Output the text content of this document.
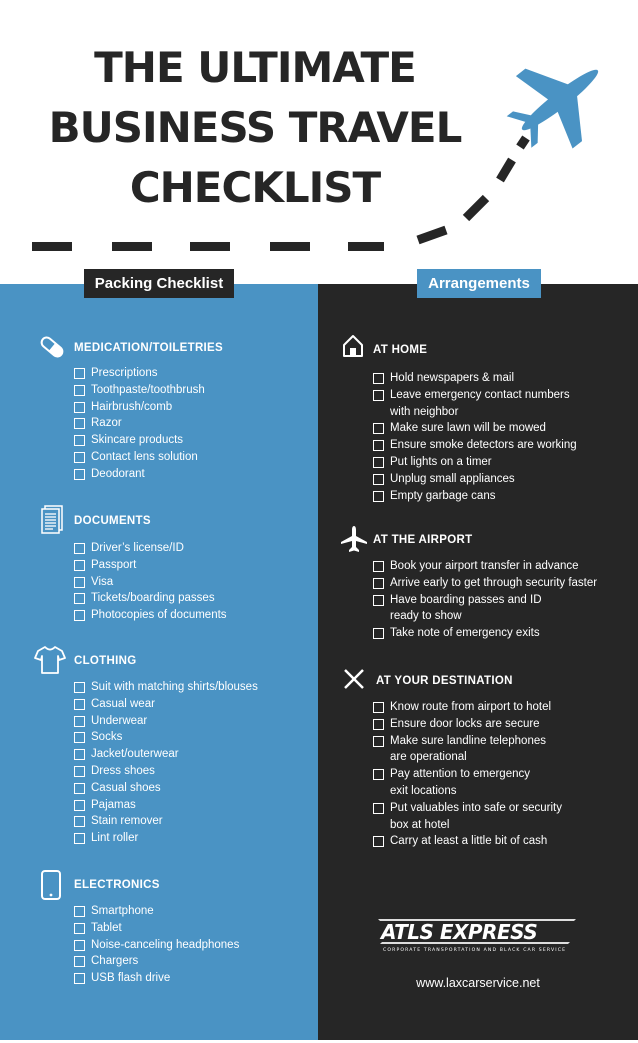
THE ULTIMATE
BUSINESS TRAVEL
CHECKLIST
Packing Checklist	Arrangements
MEDICATION/TOILETRIES
Prescriptions
Toothpaste/toothbrush
Hairbrush/comb
Razor
Skincare products
Contact lens solution
Deodorant
DOCUMENTS
Driver’s license/ID
Passport
Visa
Tickets/boarding passes
Photocopies of documents
CLOTHING
Suit with matching shirts/blouses
Casual wear
Underwear
Socks
Jacket/outerwear
Dress shoes
Casual shoes
Pajamas
Stain remover
Lint roller
ELECTRONICS
Smartphone
Tablet
Noise-canceling headphones
Chargers
USB flash drive
AT HOME
Hold newspapers & mail
Leave emergency contact numbers
with neighbor
Make sure lawn will be mowed
Ensure smoke detectors are working
Put lights on a timer
Unplug small appliances
Empty garbage cans
AT THE AIRPORT
Book your airport transfer in advance
Arrive early to get through security faster
Have boarding passes and ID
ready to show
Take note of emergency exits
AT YOUR DESTINATION
Know route from airport to hotel
Ensure door locks are secure
Make sure landline telephones
are operational
Pay attention to emergency
exit locations
Put valuables into safe or security
box at hotel
Carry at least a little bit of cash
ATLS EXPRESS
CORPORATE TRANSPORTATION AND BLACK CAR SERVICE
www.laxcarservice.net
